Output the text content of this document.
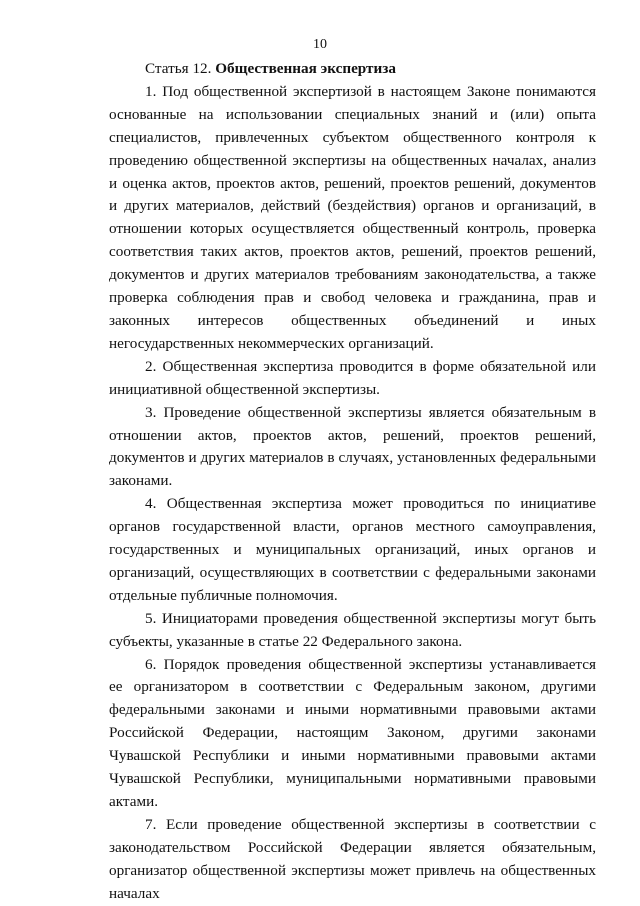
10

Статья 12. Общественная экспертиза

1. Под общественной экспертизой в настоящем Законе понимаются основанные на использовании специальных знаний и (или) опыта специалистов, привлеченных субъектом общественного контроля к проведению общественной экспертизы на общественных началах, анализ и оценка актов, проектов актов, решений, проектов решений, документов и других материалов, действий (бездействия) органов и организаций, в отношении которых осуществляется общественный контроль, проверка соответствия таких актов, проектов актов, решений, проектов решений, документов и других материалов требованиям законодательства, а также проверка соблюдения прав и свобод человека и гражданина, прав и законных интересов общественных объединений и иных негосударственных некоммерческих организаций.

2. Общественная экспертиза проводится в форме обязательной или инициативной общественной экспертизы.

3. Проведение общественной экспертизы является обязательным в отношении актов, проектов актов, решений, проектов решений, документов и других материалов в случаях, установленных федеральными законами.

4. Общественная экспертиза может проводиться по инициативе органов государственной власти, органов местного самоуправления, государственных и муниципальных организаций, иных органов и организаций, осуществляющих в соответствии с федеральными законами отдельные публичные полномочия.

5. Инициаторами проведения общественной экспертизы могут быть субъекты, указанные в статье 22 Федерального закона.

6. Порядок проведения общественной экспертизы устанавливается ее организатором в соответствии с Федеральным законом, другими федеральными законами и иными нормативными правовыми актами Российской Федерации, настоящим Законом, другими законами Чувашской Республики и иными нормативными правовыми актами Чувашской Республики, муниципальными нормативными правовыми актами.

7. Если проведение общественной экспертизы в соответствии с законодательством Российской Федерации является обязательным, организатор общественной экспертизы может привлечь на общественных началах
